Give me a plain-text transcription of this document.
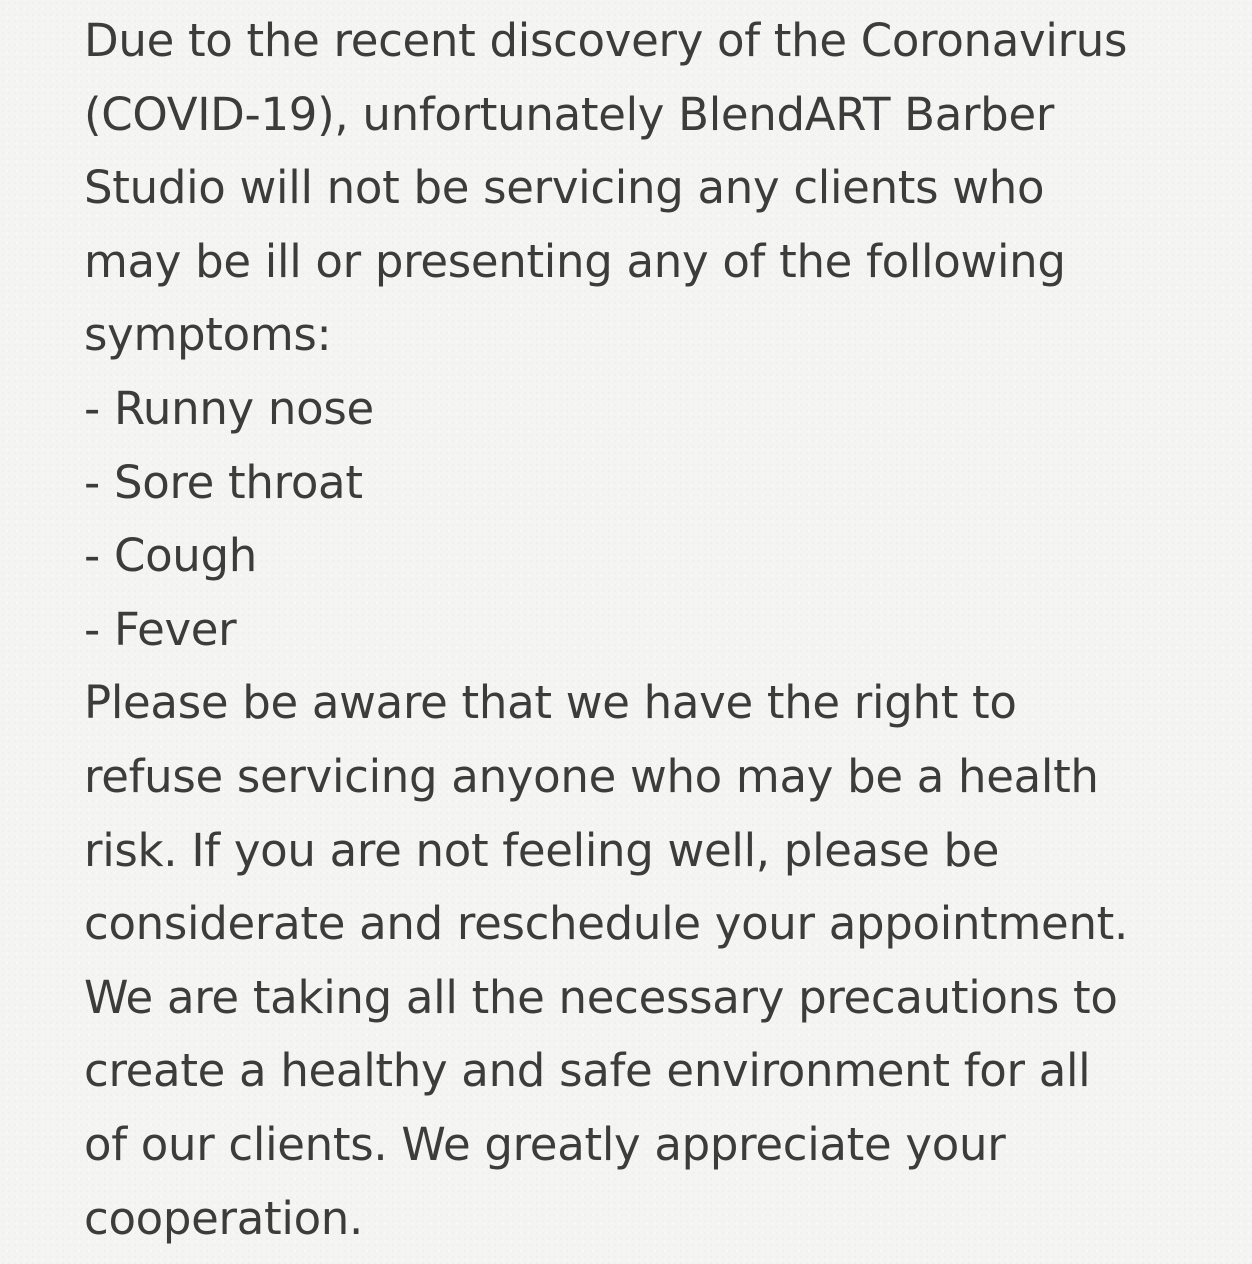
Due to the recent discovery of the Coronavirus
(COVID-19), unfortunately BlendART Barber
Studio will not be servicing any clients who
may be ill or presenting any of the following
symptoms:
- Runny nose
- Sore throat
- Cough
- Fever
Please be aware that we have the right to
refuse servicing anyone who may be a health
risk. If you are not feeling well, please be
considerate and reschedule your appointment.
We are taking all the necessary precautions to
create a healthy and safe environment for all
of our clients. We greatly appreciate your
cooperation.
